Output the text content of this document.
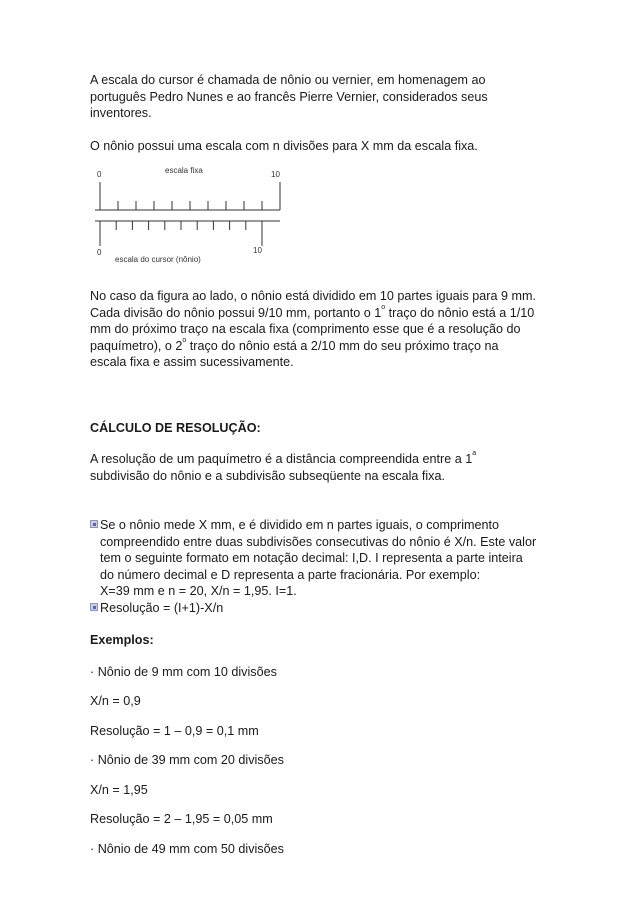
A escala do cursor é chamada de nônio ou vernier, em homenagem ao
português Pedro Nunes e ao francês Pierre Vernier, considerados seus
inventores.

O nônio possui uma escala com n divisões para X mm da escala fixa.

0	10
escala fixa
0	10
escala do cursor (nônio)

No caso da figura ao lado, o nônio está dividido em 10 partes iguais para 9 mm.
Cada divisão do nônio possui 9/10 mm, portanto o 1$^o$ traço do nônio está a 1/10
mm do próximo traço na escala fixa (comprimento esse que é a resolução do
paquímetro), o 2$^o$ traço do nônio está a 2/10 mm do seu próximo traço na
escala fixa e assim sucessivamente.

CÁLCULO DE RESOLUÇÃO:

A resolução de um paquímetro é a distância compreendida entre a 1$^a$
subdivisão do nônio e a subdivisão subseqüente na escala fixa.

Se o nônio mede X mm, e é dividido em n partes iguais, o comprimento
compreendido entre duas subdivisões consecutivas do nônio é X/n. Este valor
tem o seguinte formato em notação decimal: I,D. I representa a parte inteira
do número decimal e D representa a parte fracionária. Por exemplo:
X=39 mm e n = 20, X/n = 1,95. I=1.
Resolução = (I+1)-X/n

Exemplos:

· Nônio de 9 mm com 10 divisões

X/n = 0,9

Resolução = 1 – 0,9 = 0,1 mm

· Nônio de 39 mm com 20 divisões

X/n = 1,95

Resolução = 2 – 1,95 = 0,05 mm

· Nônio de 49 mm com 50 divisões
